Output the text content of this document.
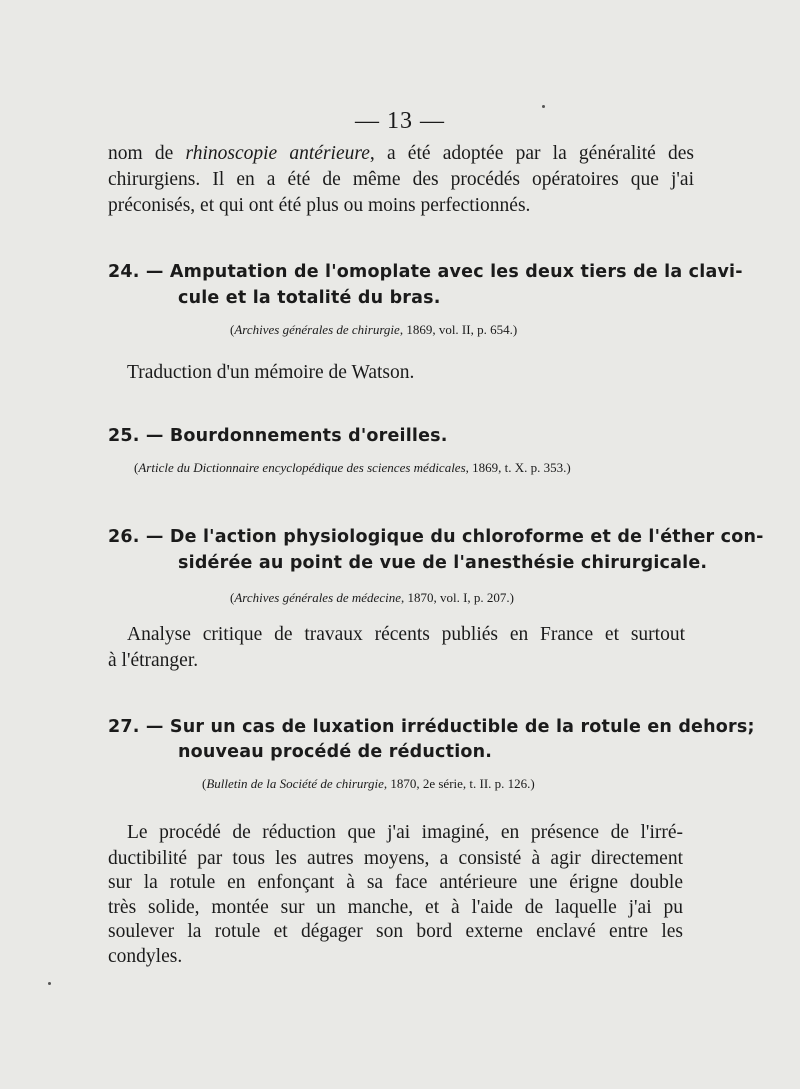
— 13 —
nom de rhinoscopie antérieure, a été adoptée par la généralité des
chirurgiens. Il en a été de même des procédés opératoires que j'ai
préconisés, et qui ont été plus ou moins perfectionnés.
24. — Amputation de l'omoplate avec les deux tiers de la clavi-
cule et la totalité du bras.
(Archives générales de chirurgie, 1869, vol. II, p. 654.)
Traduction d'un mémoire de Watson.
25. — Bourdonnements d'oreilles.
(Article du Dictionnaire encyclopédique des sciences médicales, 1869, t. X. p. 353.)
26. — De l'action physiologique du chloroforme et de l'éther con-
sidérée au point de vue de l'anesthésie chirurgicale.
(Archives générales de médecine, 1870, vol. I, p. 207.)
Analyse critique de travaux récents publiés en France et surtout
à l'étranger.
27. — Sur un cas de luxation irréductible de la rotule en dehors;
nouveau procédé de réduction.
(Bulletin de la Société de chirurgie, 1870, 2e série, t. II. p. 126.)
Le procédé de réduction que j'ai imaginé, en présence de l'irré-
ductibilité par tous les autres moyens, a consisté à agir directement
sur la rotule en enfonçant à sa face antérieure une érigne double
très solide, montée sur un manche, et à l'aide de laquelle j'ai pu
soulever la rotule et dégager son bord externe enclavé entre les
condyles.
